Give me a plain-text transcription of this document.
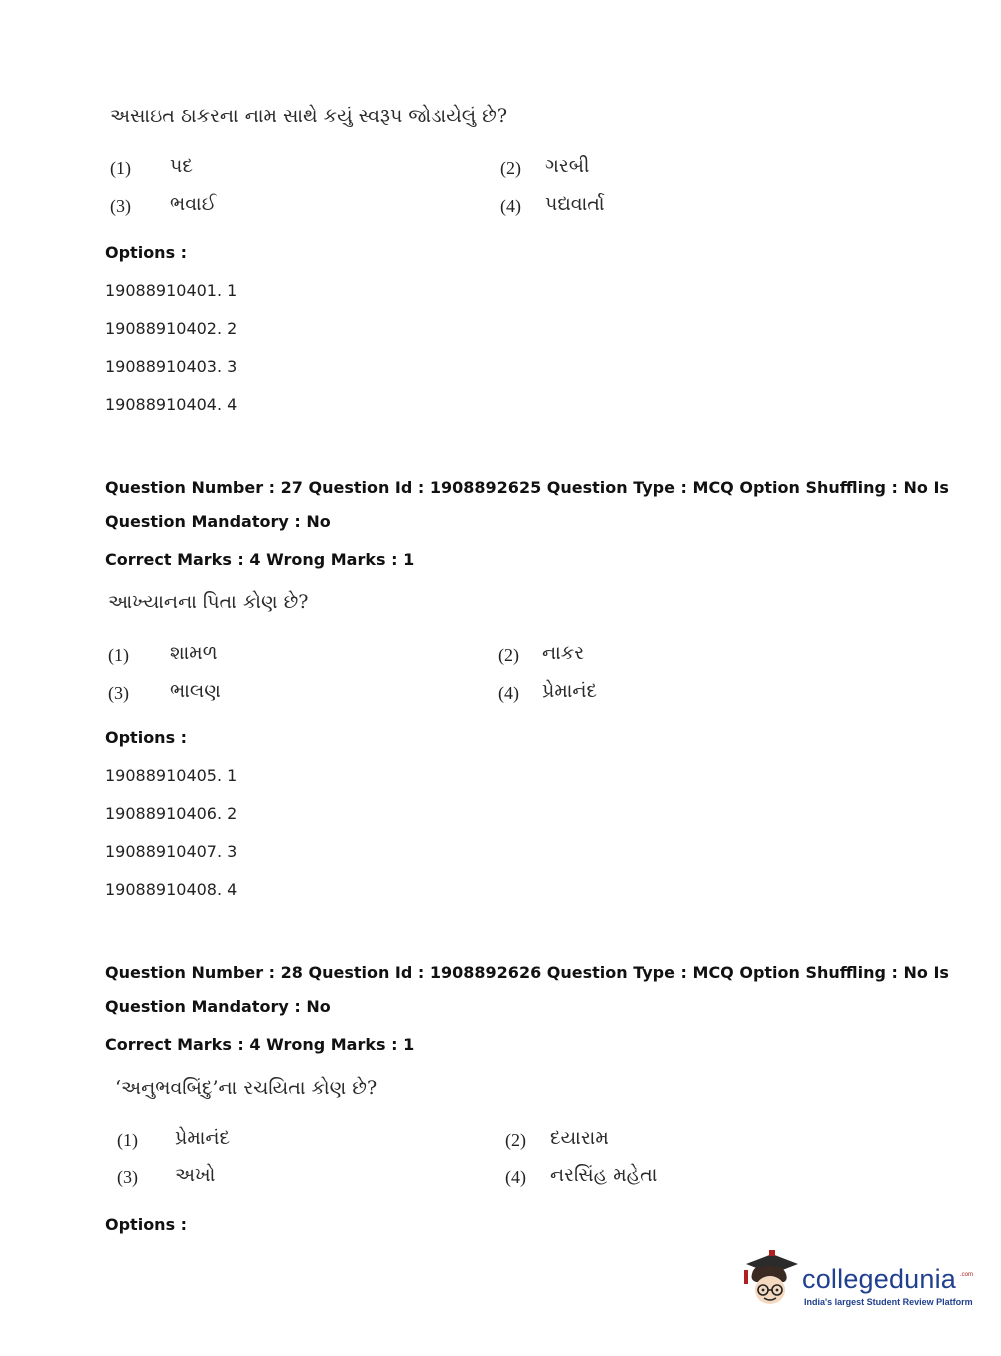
અસાઇત ઠાકરના નામ સાથે કયું સ્વરૂપ જોડાયેલું છે?
(1) પદ	(2) ગરબી
(3) ભવાઈ	(4) પદ્યવાર્તા
Options :
19088910401. 1
19088910402. 2
19088910403. 3
19088910404. 4
Question Number : 27 Question Id : 1908892625 Question Type : MCQ Option Shuffling : No Is
Question Mandatory : No
Correct Marks : 4 Wrong Marks : 1
આખ્યાનના પિતા કોણ છે?
(1) શામળ	(2) નાકર
(3) ભાલણ	(4) પ્રેમાનંદ
Options :
19088910405. 1
19088910406. 2
19088910407. 3
19088910408. 4
Question Number : 28 Question Id : 1908892626 Question Type : MCQ Option Shuffling : No Is
Question Mandatory : No
Correct Marks : 4 Wrong Marks : 1
‘અનુભવબિંદુ’ના રચયિતા કોણ છે?
(1) પ્રેમાનંદ	(2) દયારામ
(3) અખો	(4) નરસિંહ મહેતા
Options :
collegedunia .com
India's largest Student Review Platform
